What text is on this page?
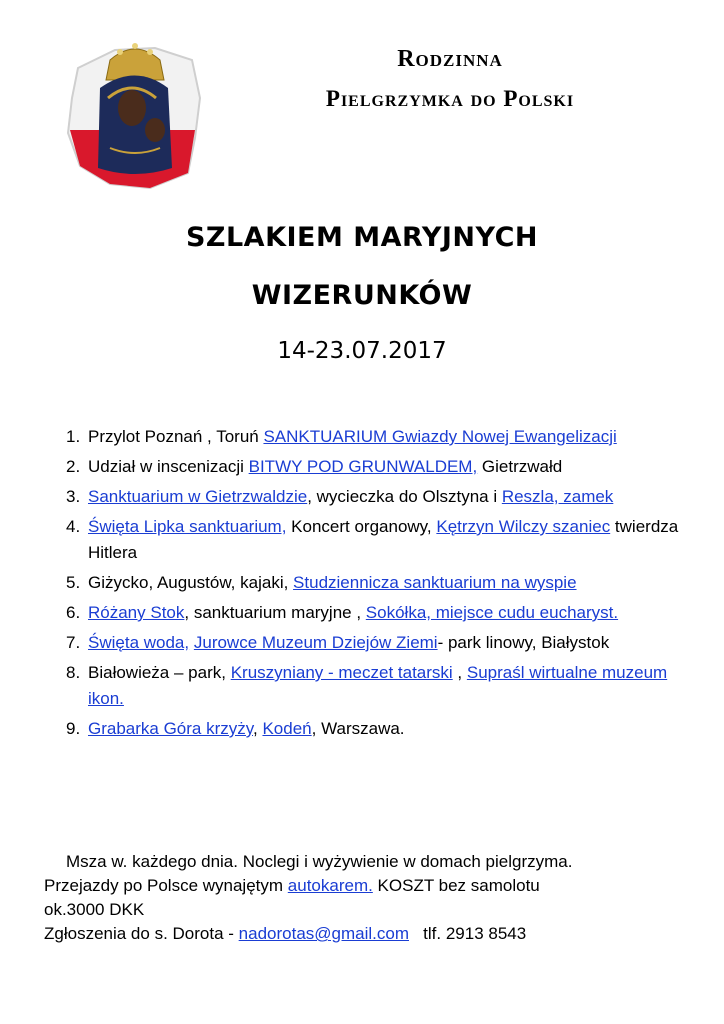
Rodzinna
Pielgrzymka do Polski
SZLAKIEM MARYJNYCH
WIZERUNKÓW
14-23.07.2017
1. Przylot Poznań , Toruń SANKTUARIUM Gwiazdy Nowej Ewangelizacji
2. Udział w inscenizacji BITWY POD GRUNWALDEM, Gietrzwałd
3. Sanktuarium w Gietrzwaldzie, wycieczka do Olsztyna i Reszla, zamek
4. Święta Lipka sanktuarium, Koncert organowy, Kętrzyn Wilczy szaniec twierdza Hitlera
5. Giżycko, Augustów, kajaki, Studziennicza sanktuarium na wyspie
6. Różany Stok, sanktuarium maryjne , Sokółka, miejsce cudu eucharyst.
7. Święta woda, Jurowce Muzeum Dziejów Ziemi- park linowy, Białystok
8. Białowieża – park, Kruszyniany - meczet tatarski , Supraśl wirtualne muzeum ikon.
9. Grabarka Góra krzyży, Kodeń, Warszawa.

Msza w. każdego dnia. Noclegi i wyżywienie w domach pielgrzyma.

Przejazdy po Polsce wynajętym autokarem. KOSZT bez samolotu

ok.3000 DKK

Zgłoszenia do s. Dorota - nadorotas@gmail.com   tlf. 2913 8543
